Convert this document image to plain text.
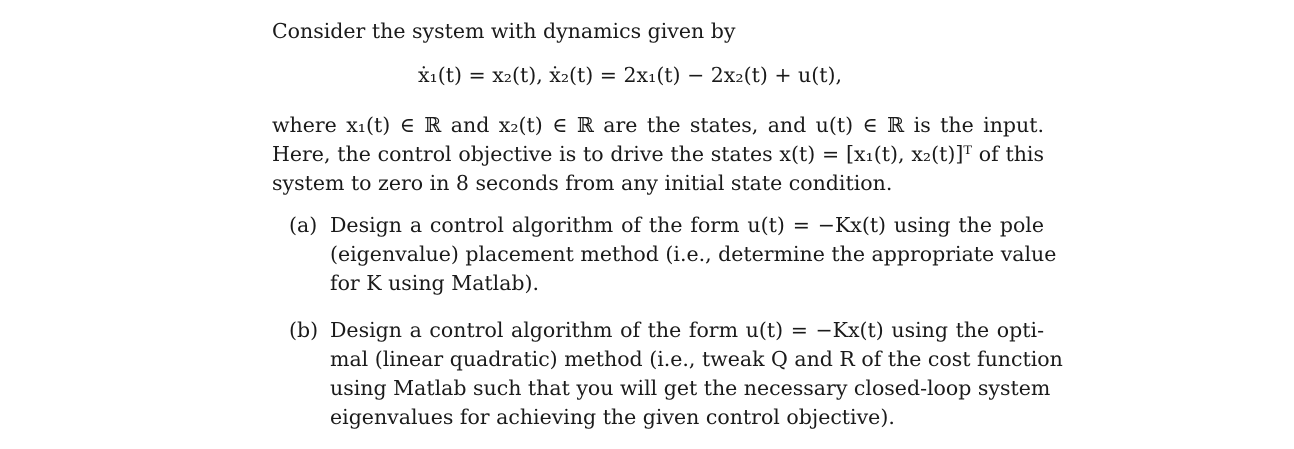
Consider the system with dynamics given by
ẋ₁(t) = x₂(t), ẋ₂(t) = 2x₁(t) − 2x₂(t) + u(t),
where x₁(t) ∈ ℝ and x₂(t) ∈ ℝ are the states, and u(t) ∈ ℝ is the input.
Here, the control objective is to drive the states x(t) = [x₁(t), x₂(t)]ᵀ of this
system to zero in 8 seconds from any initial state condition.
(a) Design a control algorithm of the form u(t) = −Kx(t) using the pole
(eigenvalue) placement method (i.e., determine the appropriate value
for K using Matlab).
(b) Design a control algorithm of the form u(t) = −Kx(t) using the opti-
mal (linear quadratic) method (i.e., tweak Q and R of the cost function
using Matlab such that you will get the necessary closed-loop system
eigenvalues for achieving the given control objective).
